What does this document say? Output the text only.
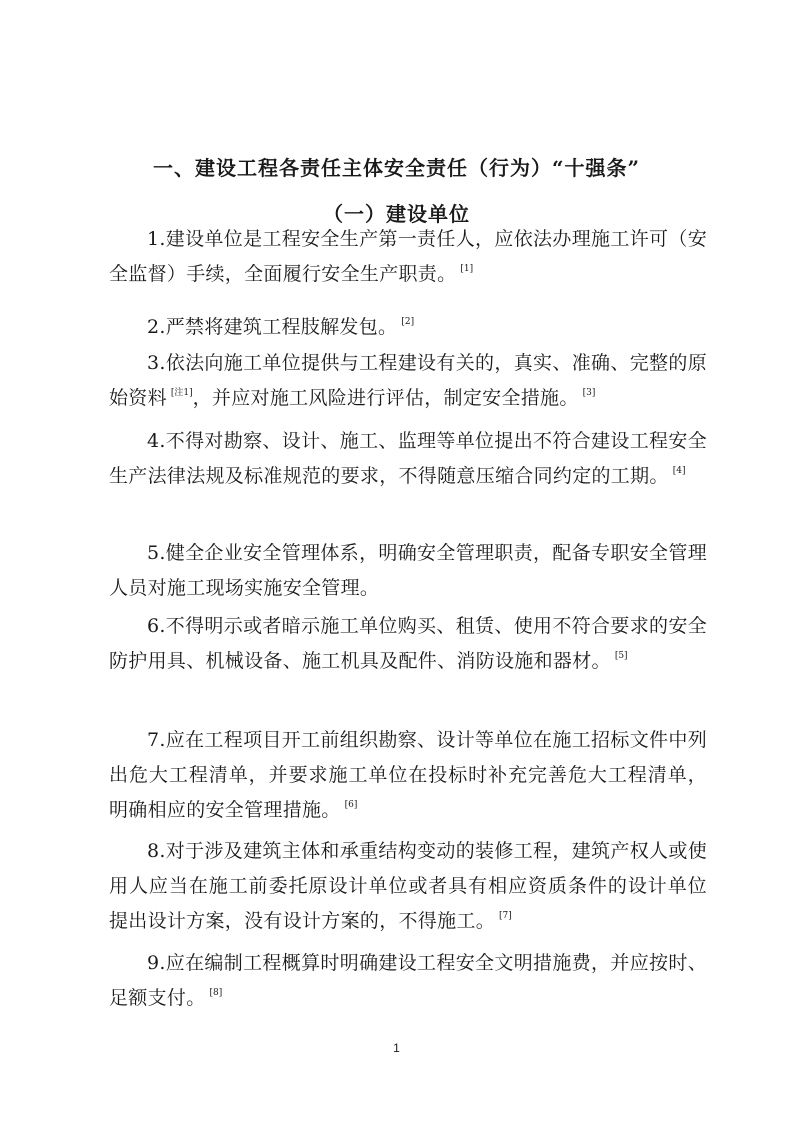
一、建设工程各责任主体安全责任（行为）“十强条”
（一）建设单位

1.建设单位是工程安全生产第一责任人，应依法办理施工许可（安全监督）手续，全面履行安全生产职责。 [1]

2.严禁将建筑工程肢解发包。 [2]

3.依法向施工单位提供与工程建设有关的，真实、准确、完整的原始资料 [注1]，并应对施工风险进行评估，制定安全措施。 [3]

4.不得对勘察、设计、施工、监理等单位提出不符合建设工程安全生产法律法规及标准规范的要求，不得随意压缩合同约定的工期。 [4]

5.健全企业安全管理体系，明确安全管理职责，配备专职安全管理人员对施工现场实施安全管理。

6.不得明示或者暗示施工单位购买、租赁、使用不符合要求的安全防护用具、机械设备、施工机具及配件、消防设施和器材。 [5]

7.应在工程项目开工前组织勘察、设计等单位在施工招标文件中列出危大工程清单，并要求施工单位在投标时补充完善危大工程清单，明确相应的安全管理措施。 [6]

8.对于涉及建筑主体和承重结构变动的装修工程，建筑产权人或使用人应当在施工前委托原设计单位或者具有相应资质条件的设计单位提出设计方案，没有设计方案的，不得施工。 [7]

9.应在编制工程概算时明确建设工程安全文明措施费，并应按时、足额支付。 [8]

1
